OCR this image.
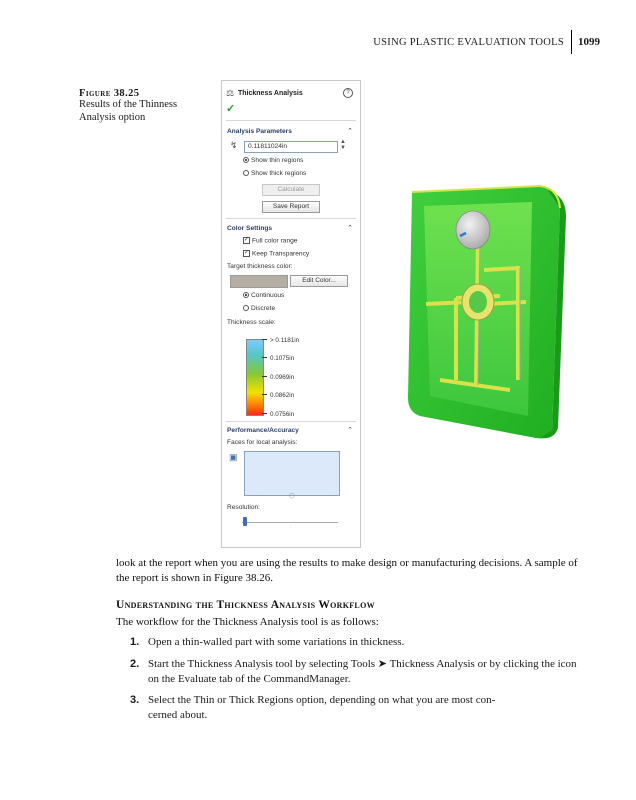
USING PLASTIC EVALUATION TOOLS 1099
Figure 38.25
Results of the Thinness Analysis option
⚖ Thickness Analysis	?
✓
Analysis Parameters	⌃
↯ 0.11811024in
▲
▼
Show thin regions
Show thick regions
Calculate
Save Report
Color Settings	⌃
✓ Full color range
✓ Keep Transparency
Target thickness color:
Edit Color...
Continuous
Discrete
Thickness scale:
> 0.1181in
0.1075in
0.0969in
0.0862in
0.0756in
Performance/Accuracy	⌃
Faces for local analysis:
▣
◯
Resolution:
'	'
look at the report when you are using the results to make design or manufacturing decisions. A sample of the report is shown in Figure 38.26.
Understanding the Thickness Analysis Workflow
The workflow for the Thickness Analysis tool is as follows:
1. Open a thin-walled part with some variations in thickness.
2. Start the Thickness Analysis tool by selecting Tools ➤ Thickness Analysis or by clicking the icon on the Evaluate tab of the CommandManager.
3. Select the Thin or Thick Regions option, depending on what you are most con-cerned about.
